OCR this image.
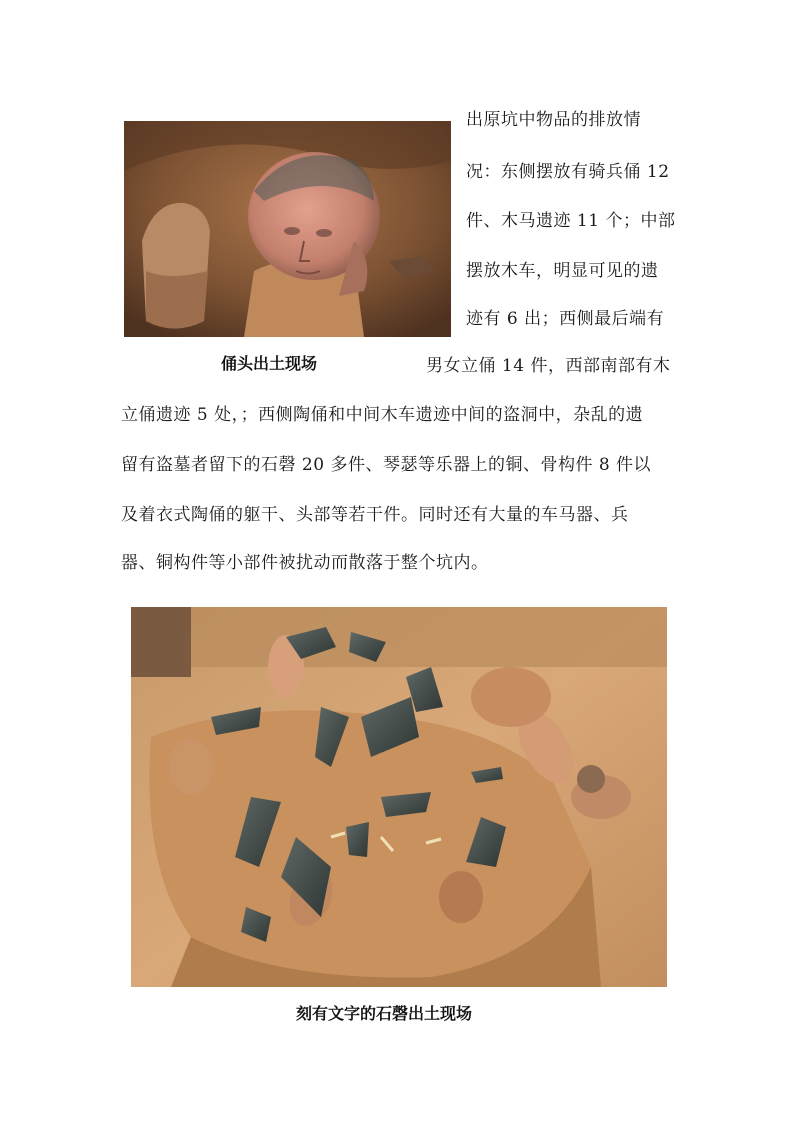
出原坑中物品的排放情
况：东侧摆放有骑兵俑 12
件、木马遗迹 11 个；中部
摆放木车，明显可见的遗
迹有 6 出；西侧最后端有
俑头出土现场	男女立俑 14 件，西部南部有木
立俑遗迹 5 处，；西侧陶俑和中间木车遗迹中间的盗洞中，杂乱的遗
留有盗墓者留下的石磬 20 多件、琴瑟等乐器上的铜、骨构件 8 件以
及着衣式陶俑的躯干、头部等若干件。同时还有大量的车马器、兵
器、铜构件等小部件被扰动而散落于整个坑内。
刻有文字的石磬出土现场
